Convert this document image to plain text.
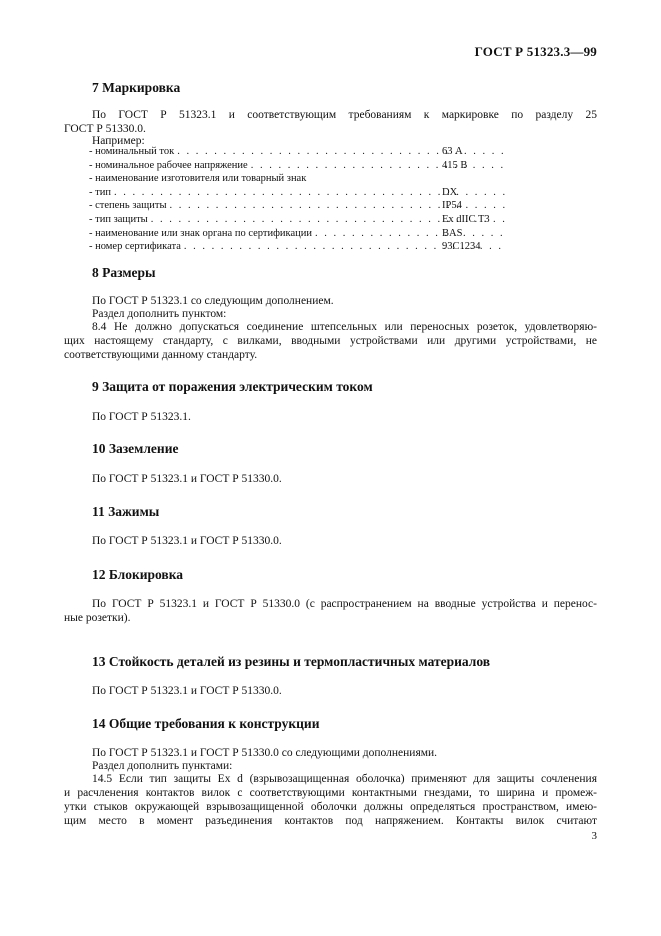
ГОСТ Р 51323.3—99
7 Маркировка
По ГОСТ Р 51323.1 и соответствующим требованиям к маркировке по разделу 25
ГОСТ Р 51330.0.
Например:
- номинальный ток . . .	63 А
- номинальное рабочее напряжение . . .	415 В
- наименование изготовителя или товарный знак
- тип . . .	DX
- степень защиты . . .	IP54
- тип защиты . . .	Ex dIIC T3
- наименование или знак органа по сертификации . . .	BAS
- номер сертификата . . .	93C1234
8 Размеры
По ГОСТ Р 51323.1 со следующим дополнением.
Раздел дополнить пунктом:
8.4 Не должно допускаться соединение штепсельных или переносных розеток, удовлетворяю-
щих настоящему стандарту, с вилками, вводными устройствами или другими устройствами, не
соответствующими данному стандарту.
9 Защита от поражения электрическим током
По ГОСТ Р 51323.1.
10 Заземление
По ГОСТ Р 51323.1 и ГОСТ Р 51330.0.
11 Зажимы
По ГОСТ Р 51323.1 и ГОСТ Р 51330.0.
12 Блокировка
По ГОСТ Р 51323.1 и ГОСТ Р 51330.0 (с распространением на вводные устройства и перенос-
ные розетки).
13 Стойкость деталей из резины и термопластичных материалов
По ГОСТ Р 51323.1 и ГОСТ Р 51330.0.
14 Общие требования к конструкции
По ГОСТ Р 51323.1 и ГОСТ Р 51330.0 со следующими дополнениями.
Раздел дополнить пунктами:
14.5 Если тип защиты Ex d (взрывозащищенная оболочка) применяют для защиты сочленения
и расчленения контактов вилок с соответствующими контактными гнездами, то ширина и промеж-
утки стыков окружающей взрывозащищенной оболочки должны определяться пространством, имею-
щим место в момент разъединения контактов под напряжением. Контакты вилок считают
3
